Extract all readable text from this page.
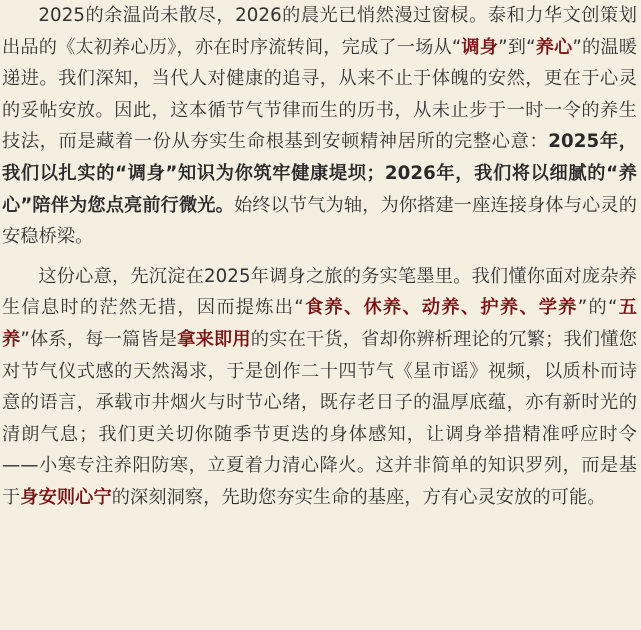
2025的余温尚未散尽，2026的晨光已悄然漫过窗棂。泰和力华文创策划出品的《太初养心历》，亦在时序流转间，完成了一场从“调身”到“养心”的温暖递进。我们深知，当代人对健康的追寻，从来不止于体魄的安然，更在于心灵的妥帖安放。因此，这本循节气节律而生的历书，从未止步于一时一令的养生技法，而是藏着一份从夯实生命根基到安顿精神居所的完整心意：2025年，我们以扎实的“调身”知识为你筑牢健康堤坝；2026年，我们将以细腻的“养心”陪伴为您点亮前行微光。始终以节气为轴，为你搭建一座连接身体与心灵的安稳桥梁。

这份心意，先沉淀在2025年调身之旅的务实笔墨里。我们懂你面对庞杂养生信息时的茫然无措，因而提炼出“食养、休养、动养、护养、学养”的“五养”体系，每一篇皆是拿来即用的实在干货，省却你辨析理论的冗繁；我们懂您对节气仪式感的天然渴求，于是创作二十四节气《星市谣》视频，以质朴而诗意的语言，承载市井烟火与时节心绪，既存老日子的温厚底蕴，亦有新时光的清朗气息；我们更关切你随季节更迭的身体感知，让调身举措精准呼应时令——小寒专注养阳防寒，立夏着力清心降火。这并非简单的知识罗列，而是基于身安则心宁的深刻洞察，先助您夯实生命的基座，方有心灵安放的可能。
